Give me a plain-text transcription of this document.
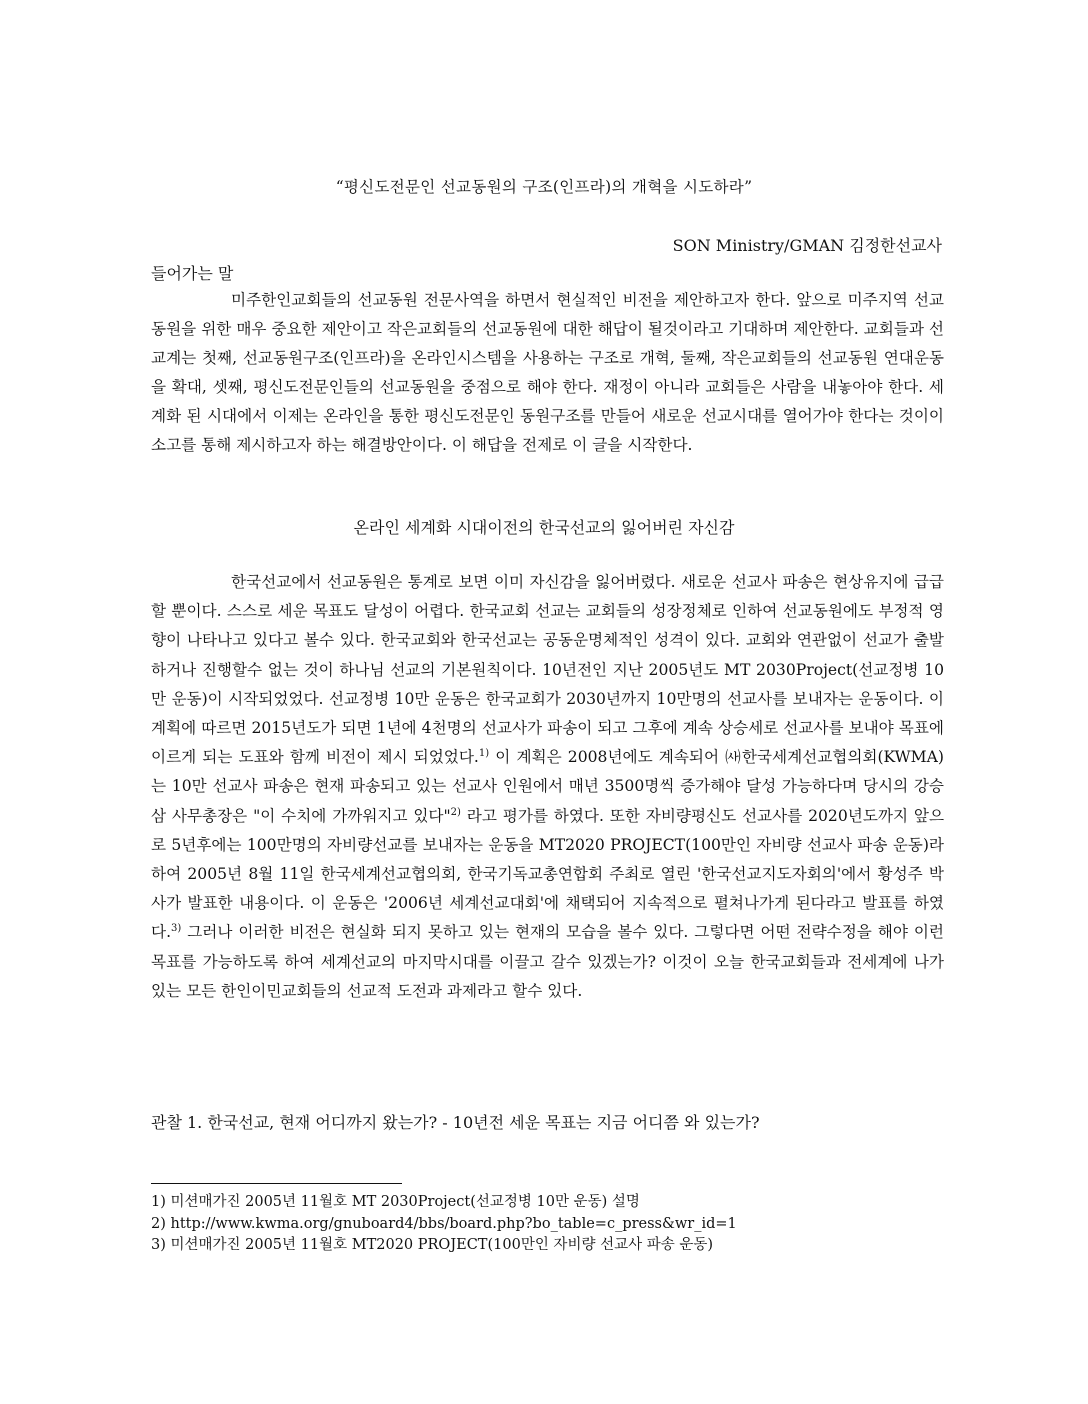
“평신도전문인 선교동원의 구조(인프라)의 개혁을 시도하라”
SON Ministry/GMAN 김정한선교사
들어가는 말

미주한인교회들의 선교동원 전문사역을 하면서 현실적인 비전을 제안하고자 한다. 앞으로 미주지역 선교동원을 위한 매우 중요한 제안이고 작은교회들의 선교동원에 대한 해답이 될것이라고 기대하며 제안한다. 교회들과 선교계는 첫째, 선교동원구조(인프라)을 온라인시스템을 사용하는 구조로 개혁, 둘째, 작은교회들의 선교동원 연대운동을 확대, 셋째, 평신도전문인들의 선교동원을 중점으로 해야 한다. 재정이 아니라 교회들은 사람을 내놓아야 한다. 세계화 된 시대에서 이제는 온라인을 통한 평신도전문인 동원구조를 만들어 새로운 선교시대를 열어가야 한다는 것이이 소고를 통해 제시하고자 하는 해결방안이다. 이 해답을 전제로 이 글을 시작한다.

온라인 세계화 시대이전의 한국선교의 잃어버린 자신감

한국선교에서 선교동원은 통계로 보면 이미 자신감을 잃어버렸다. 새로운 선교사 파송은 현상유지에 급급할 뿐이다. 스스로 세운 목표도 달성이 어렵다. 한국교회 선교는 교회들의 성장정체로 인하여 선교동원에도 부정적 영향이 나타나고 있다고 볼수 있다. 한국교회와 한국선교는 공동운명체적인 성격이 있다. 교회와 연관없이 선교가 출발하거나 진행할수 없는 것이 하나님 선교의 기본원칙이다. 10년전인 지난 2005년도 MT 2030Project(선교정병 10만 운동)이 시작되었었다. 선교정병 10만 운동은 한국교회가 2030년까지 10만명의 선교사를 보내자는 운동이다. 이 계획에 따르면 2015년도가 되면 1년에 4천명의 선교사가 파송이 되고 그후에 계속 상승세로 선교사를 보내야 목표에 이르게 되는 도표와 함께 비전이 제시 되었었다.$^{1)}$ 이 계획은 2008년에도 계속되어 ㈔한국세계선교협의회(KWMA)는 10만 선교사 파송은 현재 파송되고 있는 선교사 인원에서 매년 3500명씩 증가해야 달성 가능하다며 당시의 강승삼 사무총장은 "이 수치에 가까워지고 있다"$^{2)}$ 라고 평가를 하였다. 또한 자비량평신도 선교사를 2020년도까지 앞으로 5년후에는 100만명의 자비량선교를 보내자는 운동을 MT2020 PROJECT(100만인 자비량 선교사 파송 운동)라 하여 2005년 8월 11일 한국세계선교협의회, 한국기독교총연합회 주최로 열린 '한국선교지도자회의'에서 황성주 박사가 발표한 내용이다. 이 운동은 '2006년 세계선교대회'에 채택되어 지속적으로 펼쳐나가게 된다라고 발표를 하였다.$^{3)}$ 그러나 이러한 비전은 현실화 되지 못하고 있는 현재의 모습을 볼수 있다. 그렇다면 어떤 전략수정을 해야 이런 목표를 가능하도록 하여 세계선교의 마지막시대를 이끌고 갈수 있겠는가? 이것이 오늘 한국교회들과 전세계에 나가 있는 모든 한인이민교회들의 선교적 도전과 과제라고 할수 있다.

관찰 1. 한국선교, 현재 어디까지 왔는가? - 10년전 세운 목표는 지금 어디쯤 와 있는가?
1) 미션매가진 2005년 11월호 MT 2030Project(선교정병 10만 운동) 설명
2) http://www.kwma.org/gnuboard4/bbs/board.php?bo_table=c_press&wr_id=1
3) 미션매가진 2005년 11월호 MT2020 PROJECT(100만인 자비량 선교사 파송 운동)
